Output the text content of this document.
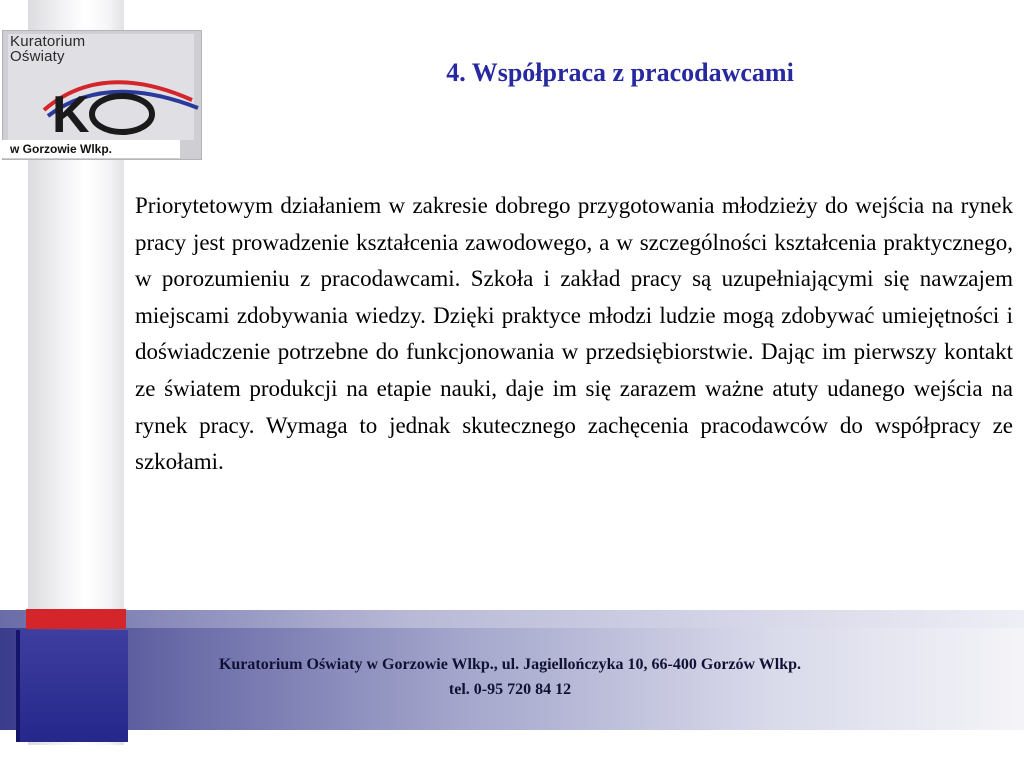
Kuratorium
Oświaty
K
w Gorzowie Wlkp.
4. Współpraca z pracodawcami

Priorytetowym działaniem w zakresie dobrego przygotowania młodzieży do wejścia na rynek pracy jest prowadzenie kształcenia zawodowego, a w szczególności kształcenia praktycznego, w porozumieniu z pracodawcami. Szkoła i zakład pracy są uzupełniającymi się nawzajem miejscami zdobywania wiedzy. Dzięki praktyce młodzi ludzie mogą zdobywać umiejętności i doświadczenie potrzebne do funkcjonowania w przedsiębiorstwie. Dając im pierwszy kontakt ze światem produkcji na etapie nauki, daje im się zarazem ważne atuty udanego wejścia na rynek pracy. Wymaga to jednak skutecznego zachęcenia pracodawców do współpracy ze szkołami.

Kuratorium Oświaty w Gorzowie Wlkp., ul. Jagiellończyka 10, 66-400 Gorzów Wlkp.

tel. 0-95 720 84 12
